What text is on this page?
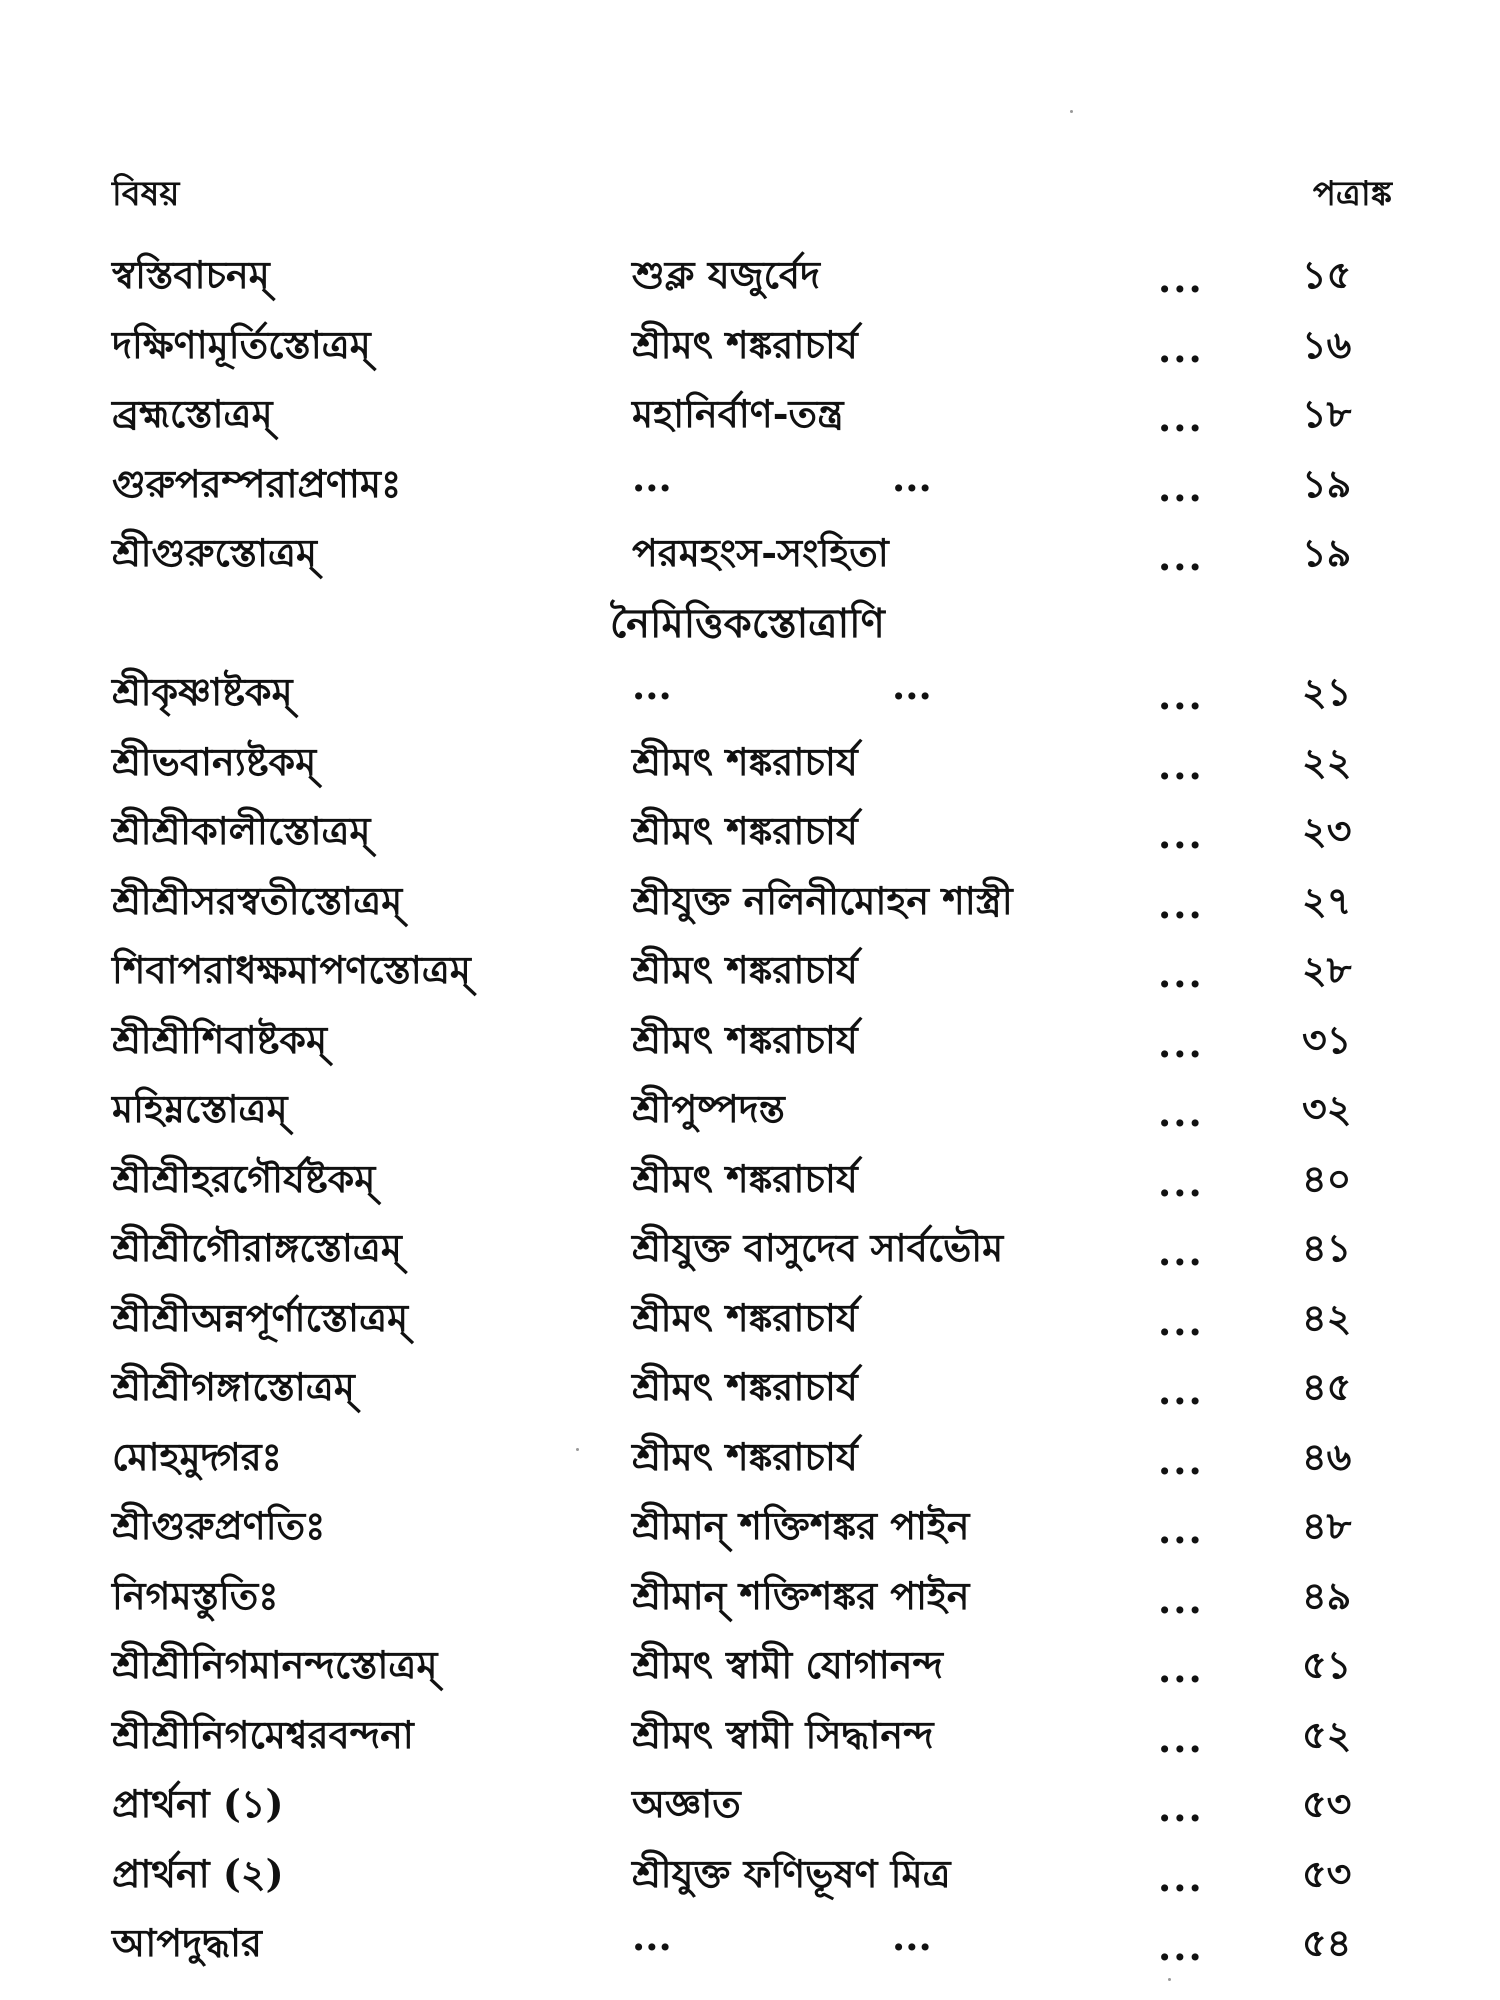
বিষয়	পত্রাঙ্ক
স্বস্তিবাচনম্	শুক্ল যজুর্বেদ	...	১৫
দক্ষিণামূর্তিস্তোত্রম্	শ্রীমৎ শঙ্করাচার্য	...	১৬
ব্রহ্মস্তোত্রম্	মহানির্বাণ-তন্ত্র	...	১৮
গুরুপরম্পরাপ্রণামঃ	...	...	...	১৯
শ্রীগুরুস্তোত্রম্	পরমহংস-সংহিতা	...	১৯
নৈমিত্তিকস্তোত্রাণি
শ্রীকৃষ্ণাষ্টকম্	...	...	...	২১
শ্রীভবান্যষ্টকম্	শ্রীমৎ শঙ্করাচার্য	...	২২
শ্রীশ্রীকালীস্তোত্রম্	শ্রীমৎ শঙ্করাচার্য	...	২৩
শ্রীশ্রীসরস্বতীস্তোত্রম্	শ্রীযুক্ত নলিনীমোহন শাস্ত্রী	...	২৭
শিবাপরাধক্ষমাপণস্তোত্রম্	শ্রীমৎ শঙ্করাচার্য	...	২৮
শ্রীশ্রীশিবাষ্টকম্	শ্রীমৎ শঙ্করাচার্য	...	৩১
মহিম্নস্তোত্রম্	শ্রীপুষ্পদন্ত	...	৩২
শ্রীশ্রীহরগৌর্যষ্টকম্	শ্রীমৎ শঙ্করাচার্য	...	৪০
শ্রীশ্রীগৌরাঙ্গস্তোত্রম্	শ্রীযুক্ত বাসুদেব সার্বভৌম	...	৪১
শ্রীশ্রীঅন্নপূর্ণাস্তোত্রম্	শ্রীমৎ শঙ্করাচার্য	...	৪২
শ্রীশ্রীগঙ্গাস্তোত্রম্	শ্রীমৎ শঙ্করাচার্য	...	৪৫
মোহমুদ্গরঃ	শ্রীমৎ শঙ্করাচার্য	...	৪৬
শ্রীগুরুপ্রণতিঃ	শ্রীমান্ শক্তিশঙ্কর পাইন	...	৪৮
নিগমস্তুতিঃ	শ্রীমান্ শক্তিশঙ্কর পাইন	...	৪৯
শ্রীশ্রীনিগমানন্দস্তোত্রম্	শ্রীমৎ স্বামী যোগানন্দ	...	৫১
শ্রীশ্রীনিগমেশ্বরবন্দনা	শ্রীমৎ স্বামী সিদ্ধানন্দ	...	৫২
প্রার্থনা (১)	অজ্ঞাত	...	৫৩
প্রার্থনা (২)	শ্রীযুক্ত ফণিভূষণ মিত্র	...	৫৩
আপদুদ্ধার	...	...	...	৫৪
